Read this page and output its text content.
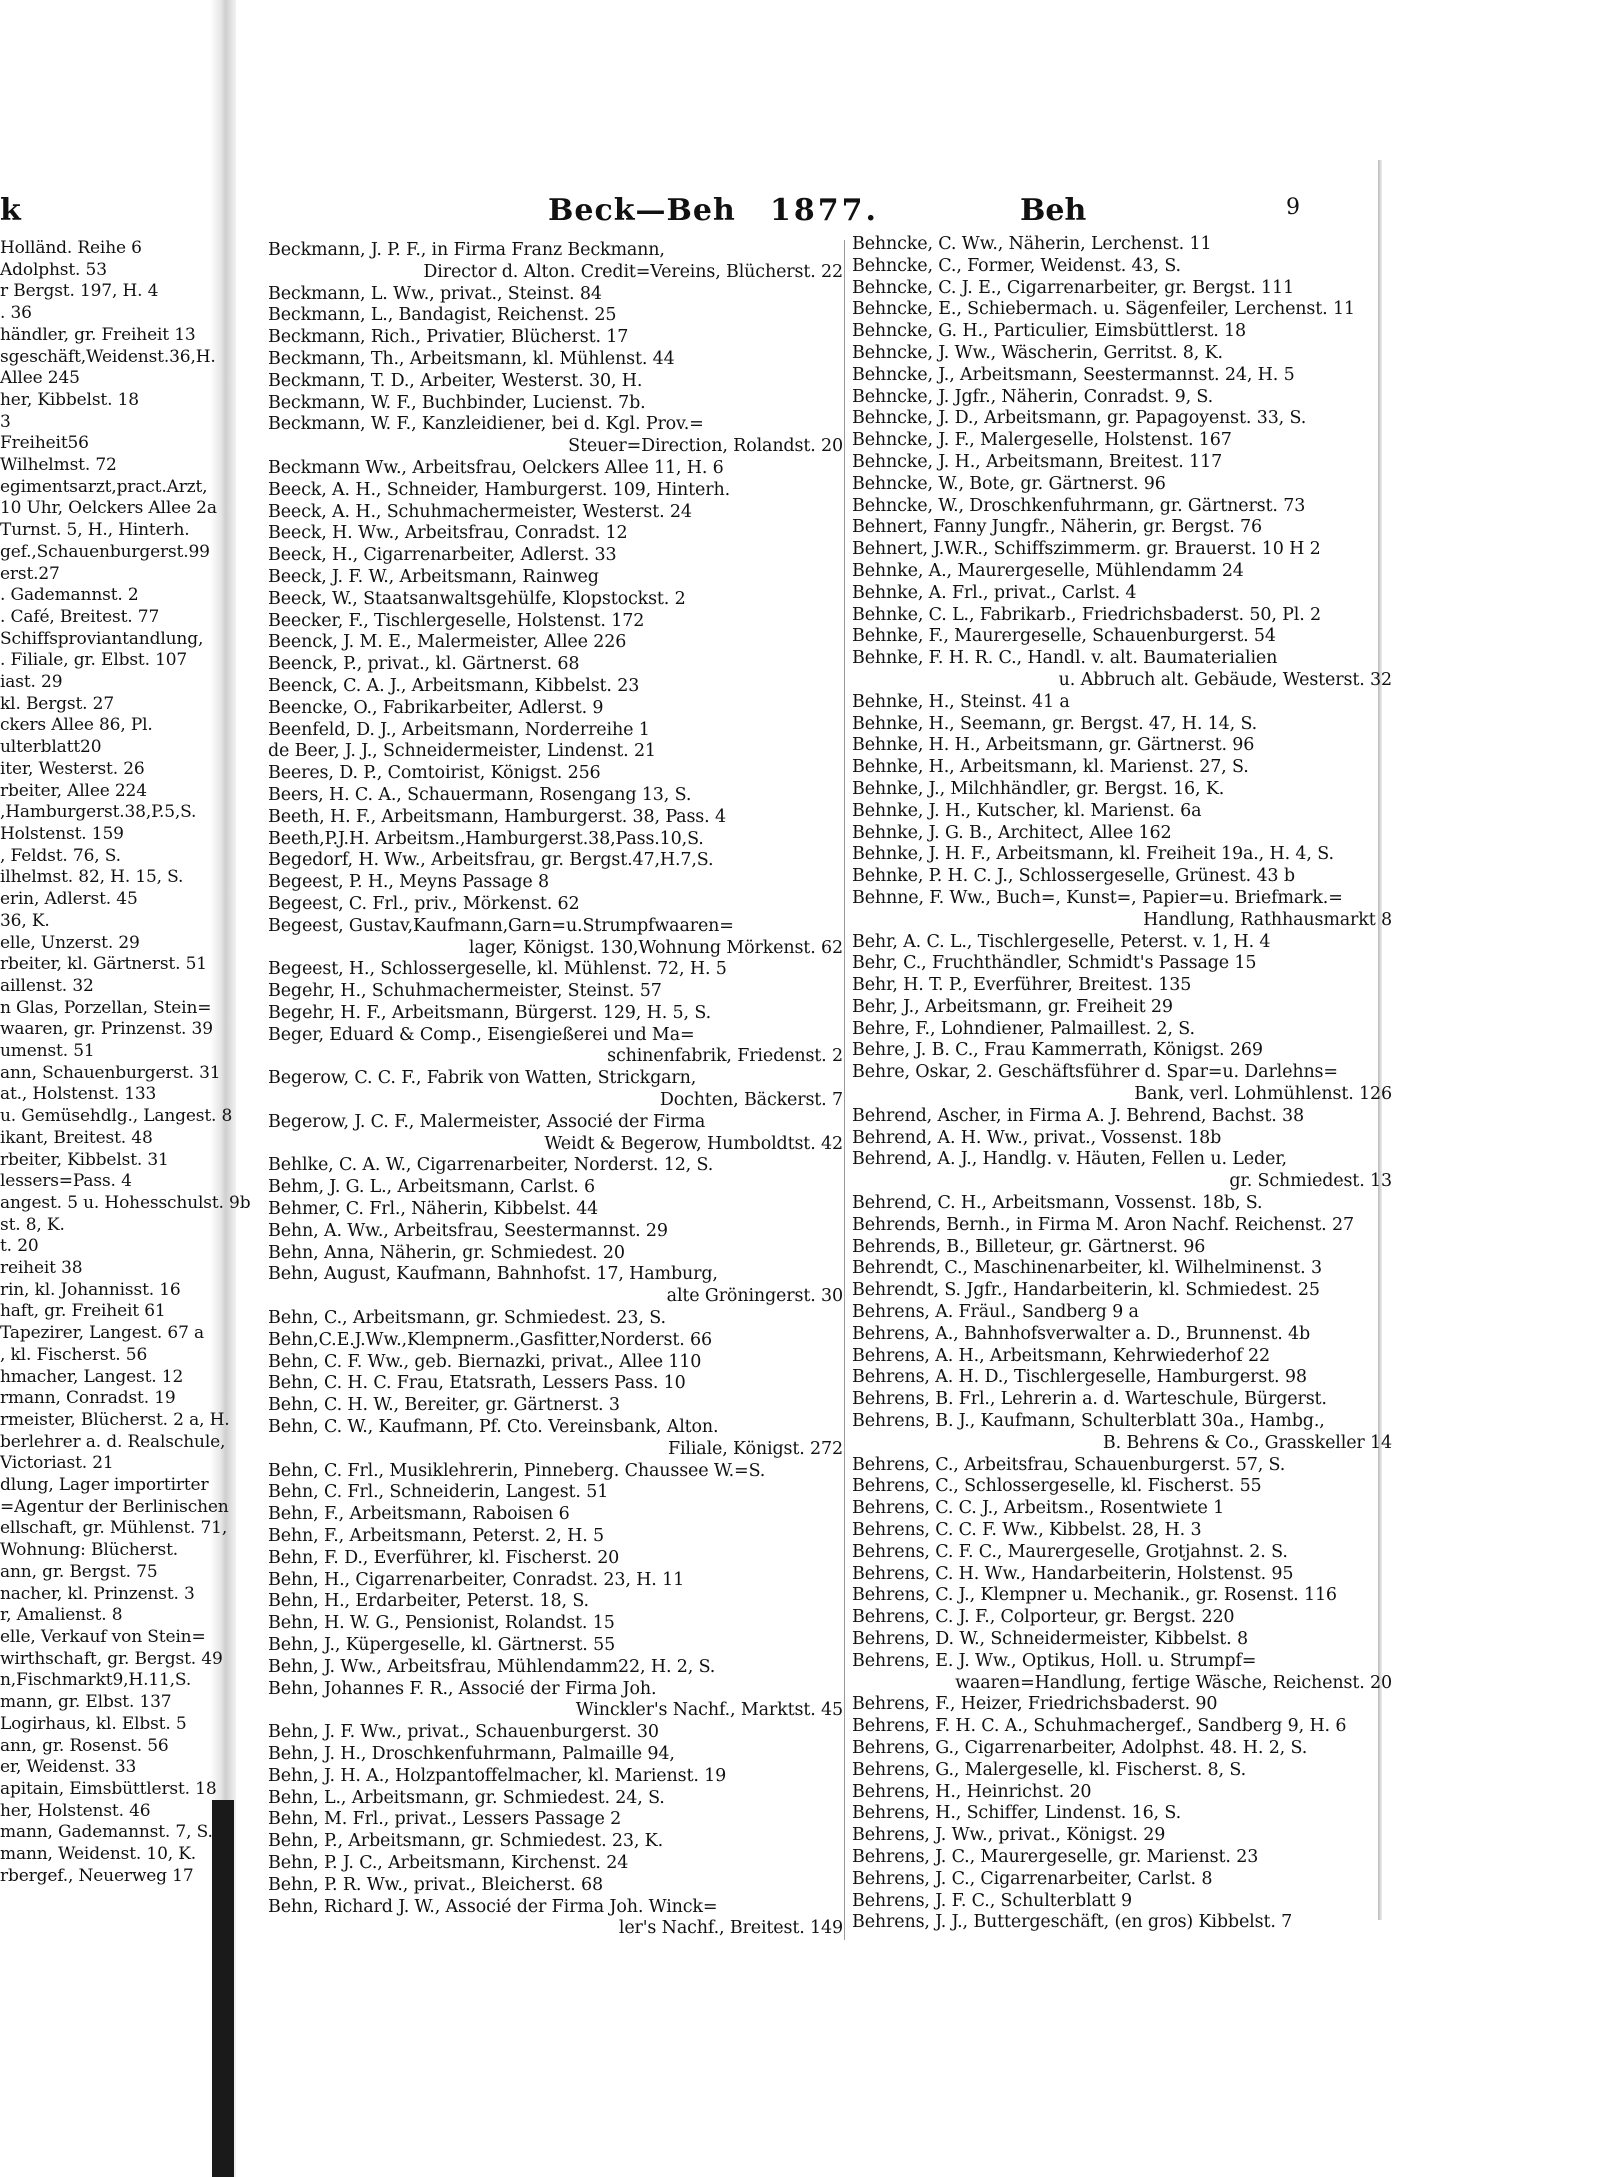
k
Holländ. Reihe 6
Adolphst. 53
r Bergst. 197, H. 4
. 36
händler, gr. Freiheit 13
sgeschäft,Weidenst.36,H.
Allee 245
her, Kibbelst. 18
3
Freiheit56
Wilhelmst. 72
egimentsarzt,pract.Arzt,
10 Uhr, Oelckers Allee 2a
Turnst. 5, H., Hinterh.
gef.,Schauenburgerst.99
erst.27
. Gademannst. 2
. Café, Breitest. 77
Schiffsproviantandlung,
. Filiale, gr. Elbst. 107
iast. 29
kl. Bergst. 27
ckers Allee 86, Pl.
ulterblatt20
iter, Westerst. 26
rbeiter, Allee 224
,Hamburgerst.38,P.5,S.
Holstenst. 159
, Feldst. 76, S.
ilhelmst. 82, H. 15, S.
erin, Adlerst. 45
36, K.
elle, Unzerst. 29
rbeiter, kl. Gärtnerst. 51
aillenst. 32
n Glas, Porzellan, Stein=
waaren, gr. Prinzenst. 39
umenst. 51
ann, Schauenburgerst. 31
at., Holstenst. 133
u. Gemüsehdlg., Langest. 8
ikant, Breitest. 48
rbeiter, Kibbelst. 31
lessers=Pass. 4
angest. 5 u. Hohesschulst. 9b
st. 8, K.
t. 20
reiheit 38
rin, kl. Johannisst. 16
haft, gr. Freiheit 61
Tapezirer, Langest. 67 a
, kl. Fischerst. 56
hmacher, Langest. 12
rmann, Conradst. 19
rmeister, Blücherst. 2 a, H.
berlehrer a. d. Realschule,
Victoriast. 21
dlung, Lager importirter
=Agentur der Berlinischen
ellschaft, gr. Mühlenst. 71,
Wohnung: Blücherst.
ann, gr. Bergst. 75
nacher, kl. Prinzenst. 3
r, Amalienst. 8
elle, Verkauf von Stein=
wirthschaft, gr. Bergst. 49
n,Fischmarkt9,H.11,S.
mann, gr. Elbst. 137
Logirhaus, kl. Elbst. 5
ann, gr. Rosenst. 56
er, Weidenst. 33
apitain, Eimsbüttlerst. 18
her, Holstenst. 46
mann, Gademannst. 7, S.
mann, Weidenst. 10, K.
rbergef., Neuerweg 17
Beck—Beh 1877.	Beh	9
Beckmann, J. P. F., in Firma Franz Beckmann,
Director d. Alton. Credit=Vereins, Blücherst. 22
Beckmann, L. Ww., privat., Steinst. 84
Beckmann, L., Bandagist, Reichenst. 25
Beckmann, Rich., Privatier, Blücherst. 17
Beckmann, Th., Arbeitsmann, kl. Mühlenst. 44
Beckmann, T. D., Arbeiter, Westerst. 30, H.
Beckmann, W. F., Buchbinder, Lucienst. 7b.
Beckmann, W. F., Kanzleidiener, bei d. Kgl. Prov.=
Steuer=Direction, Rolandst. 20
Beckmann Ww., Arbeitsfrau, Oelckers Allee 11, H. 6
Beeck, A. H., Schneider, Hamburgerst. 109, Hinterh.
Beeck, A. H., Schuhmachermeister, Westerst. 24
Beeck, H. Ww., Arbeitsfrau, Conradst. 12
Beeck, H., Cigarrenarbeiter, Adlerst. 33
Beeck, J. F. W., Arbeitsmann, Rainweg
Beeck, W., Staatsanwaltsgehülfe, Klopstockst. 2
Beecker, F., Tischlergeselle, Holstenst. 172
Beenck, J. M. E., Malermeister, Allee 226
Beenck, P., privat., kl. Gärtnerst. 68
Beenck, C. A. J., Arbeitsmann, Kibbelst. 23
Beencke, O., Fabrikarbeiter, Adlerst. 9
Beenfeld, D. J., Arbeitsmann, Norderreihe 1
de Beer, J. J., Schneidermeister, Lindenst. 21
Beeres, D. P., Comtoirist, Königst. 256
Beers, H. C. A., Schauermann, Rosengang 13, S.
Beeth, H. F., Arbeitsmann, Hamburgerst. 38, Pass. 4
Beeth,P.J.H. Arbeitsm.,Hamburgerst.38,Pass.10,S.
Begedorf, H. Ww., Arbeitsfrau, gr. Bergst.47,H.7,S.
Begeest, P. H., Meyns Passage 8
Begeest, C. Frl., priv., Mörkenst. 62
Begeest, Gustav,Kaufmann,Garn=u.Strumpfwaaren=
lager, Königst. 130,Wohnung Mörkenst. 62
Begeest, H., Schlossergeselle, kl. Mühlenst. 72, H. 5
Begehr, H., Schuhmachermeister, Steinst. 57
Begehr, H. F., Arbeitsmann, Bürgerst. 129, H. 5, S.
Beger, Eduard & Comp., Eisengießerei und Ma=
schinenfabrik, Friedenst. 2
Begerow, C. C. F., Fabrik von Watten, Strickgarn,
Dochten, Bäckerst. 7
Begerow, J. C. F., Malermeister, Associé der Firma
Weidt & Begerow, Humboldtst. 42
Behlke, C. A. W., Cigarrenarbeiter, Norderst. 12, S.
Behm, J. G. L., Arbeitsmann, Carlst. 6
Behmer, C. Frl., Näherin, Kibbelst. 44
Behn, A. Ww., Arbeitsfrau, Seestermannst. 29
Behn, Anna, Näherin, gr. Schmiedest. 20
Behn, August, Kaufmann, Bahnhofst. 17, Hamburg,
alte Gröningerst. 30
Behn, C., Arbeitsmann, gr. Schmiedest. 23, S.
Behn,C.E.J.Ww.,Klempnerm.,Gasfitter,Norderst. 66
Behn, C. F. Ww., geb. Biernazki, privat., Allee 110
Behn, C. H. C. Frau, Etatsrath, Lessers Pass. 10
Behn, C. H. W., Bereiter, gr. Gärtnerst. 3
Behn, C. W., Kaufmann, Pf. Cto. Vereinsbank, Alton.
Filiale, Königst. 272
Behn, C. Frl., Musiklehrerin, Pinneberg. Chaussee W.=S.
Behn, C. Frl., Schneiderin, Langest. 51
Behn, F., Arbeitsmann, Raboisen 6
Behn, F., Arbeitsmann, Peterst. 2, H. 5
Behn, F. D., Everführer, kl. Fischerst. 20
Behn, H., Cigarrenarbeiter, Conradst. 23, H. 11
Behn, H., Erdarbeiter, Peterst. 18, S.
Behn, H. W. G., Pensionist, Rolandst. 15
Behn, J., Küpergeselle, kl. Gärtnerst. 55
Behn, J. Ww., Arbeitsfrau, Mühlendamm22, H. 2, S.
Behn, Johannes F. R., Associé der Firma Joh.
Winckler's Nachf., Marktst. 45
Behn, J. F. Ww., privat., Schauenburgerst. 30
Behn, J. H., Droschkenfuhrmann, Palmaille 94,
Behn, J. H. A., Holzpantoffelmacher, kl. Marienst. 19
Behn, L., Arbeitsmann, gr. Schmiedest. 24, S.
Behn, M. Frl., privat., Lessers Passage 2
Behn, P., Arbeitsmann, gr. Schmiedest. 23, K.
Behn, P. J. C., Arbeitsmann, Kirchenst. 24
Behn, P. R. Ww., privat., Bleicherst. 68
Behn, Richard J. W., Associé der Firma Joh. Winck=
ler's Nachf., Breitest. 149
Behncke, C. Ww., Näherin, Lerchenst. 11
Behncke, C., Former, Weidenst. 43, S.
Behncke, C. J. E., Cigarrenarbeiter, gr. Bergst. 111
Behncke, E., Schiebermach. u. Sägenfeiler, Lerchenst. 11
Behncke, G. H., Particulier, Eimsbüttlerst. 18
Behncke, J. Ww., Wäscherin, Gerritst. 8, K.
Behncke, J., Arbeitsmann, Seestermannst. 24, H. 5
Behncke, J. Jgfr., Näherin, Conradst. 9, S.
Behncke, J. D., Arbeitsmann, gr. Papagoyenst. 33, S.
Behncke, J. F., Malergeselle, Holstenst. 167
Behncke, J. H., Arbeitsmann, Breitest. 117
Behncke, W., Bote, gr. Gärtnerst. 96
Behncke, W., Droschkenfuhrmann, gr. Gärtnerst. 73
Behnert, Fanny Jungfr., Näherin, gr. Bergst. 76
Behnert, J.W.R., Schiffszimmerm. gr. Brauerst. 10 H 2
Behnke, A., Maurergeselle, Mühlendamm 24
Behnke, A. Frl., privat., Carlst. 4
Behnke, C. L., Fabrikarb., Friedrichsbaderst. 50, Pl. 2
Behnke, F., Maurergeselle, Schauenburgerst. 54
Behnke, F. H. R. C., Handl. v. alt. Baumaterialien
u. Abbruch alt. Gebäude, Westerst. 32
Behnke, H., Steinst. 41 a
Behnke, H., Seemann, gr. Bergst. 47, H. 14, S.
Behnke, H. H., Arbeitsmann, gr. Gärtnerst. 96
Behnke, H., Arbeitsmann, kl. Marienst. 27, S.
Behnke, J., Milchhändler, gr. Bergst. 16, K.
Behnke, J. H., Kutscher, kl. Marienst. 6a
Behnke, J. G. B., Architect, Allee 162
Behnke, J. H. F., Arbeitsmann, kl. Freiheit 19a., H. 4, S.
Behnke, P. H. C. J., Schlossergeselle, Grünest. 43 b
Behnne, F. Ww., Buch=, Kunst=, Papier=u. Briefmark.=
Handlung, Rathhausmarkt 8
Behr, A. C. L., Tischlergeselle, Peterst. v. 1, H. 4
Behr, C., Fruchthändler, Schmidt's Passage 15
Behr, H. T. P., Everführer, Breitest. 135
Behr, J., Arbeitsmann, gr. Freiheit 29
Behre, F., Lohndiener, Palmaillest. 2, S.
Behre, J. B. C., Frau Kammerrath, Königst. 269
Behre, Oskar, 2. Geschäftsführer d. Spar=u. Darlehns=
Bank, verl. Lohmühlenst. 126
Behrend, Ascher, in Firma A. J. Behrend, Bachst. 38
Behrend, A. H. Ww., privat., Vossenst. 18b
Behrend, A. J., Handlg. v. Häuten, Fellen u. Leder,
gr. Schmiedest. 13
Behrend, C. H., Arbeitsmann, Vossenst. 18b, S.
Behrends, Bernh., in Firma M. Aron Nachf. Reichenst. 27
Behrends, B., Billeteur, gr. Gärtnerst. 96
Behrendt, C., Maschinenarbeiter, kl. Wilhelminenst. 3
Behrendt, S. Jgfr., Handarbeiterin, kl. Schmiedest. 25
Behrens, A. Fräul., Sandberg 9 a
Behrens, A., Bahnhofsverwalter a. D., Brunnenst. 4b
Behrens, A. H., Arbeitsmann, Kehrwiederhof 22
Behrens, A. H. D., Tischlergeselle, Hamburgerst. 98
Behrens, B. Frl., Lehrerin a. d. Warteschule, Bürgerst.
Behrens, B. J., Kaufmann, Schulterblatt 30a., Hambg.,
B. Behrens & Co., Grasskeller 14
Behrens, C., Arbeitsfrau, Schauenburgerst. 57, S.
Behrens, C., Schlossergeselle, kl. Fischerst. 55
Behrens, C. C. J., Arbeitsm., Rosentwiete 1
Behrens, C. C. F. Ww., Kibbelst. 28, H. 3
Behrens, C. F. C., Maurergeselle, Grotjahnst. 2. S.
Behrens, C. H. Ww., Handarbeiterin, Holstenst. 95
Behrens, C. J., Klempner u. Mechanik., gr. Rosenst. 116
Behrens, C. J. F., Colporteur, gr. Bergst. 220
Behrens, D. W., Schneidermeister, Kibbelst. 8
Behrens, E. J. Ww., Optikus, Holl. u. Strumpf=
waaren=Handlung, fertige Wäsche, Reichenst. 20
Behrens, F., Heizer, Friedrichsbaderst. 90
Behrens, F. H. C. A., Schuhmachergef., Sandberg 9, H. 6
Behrens, G., Cigarrenarbeiter, Adolphst. 48. H. 2, S.
Behrens, G., Malergeselle, kl. Fischerst. 8, S.
Behrens, H., Heinrichst. 20
Behrens, H., Schiffer, Lindenst. 16, S.
Behrens, J. Ww., privat., Königst. 29
Behrens, J. C., Maurergeselle, gr. Marienst. 23
Behrens, J. C., Cigarrenarbeiter, Carlst. 8
Behrens, J. F. C., Schulterblatt 9
Behrens, J. J., Buttergeschäft, (en gros) Kibbelst. 7
